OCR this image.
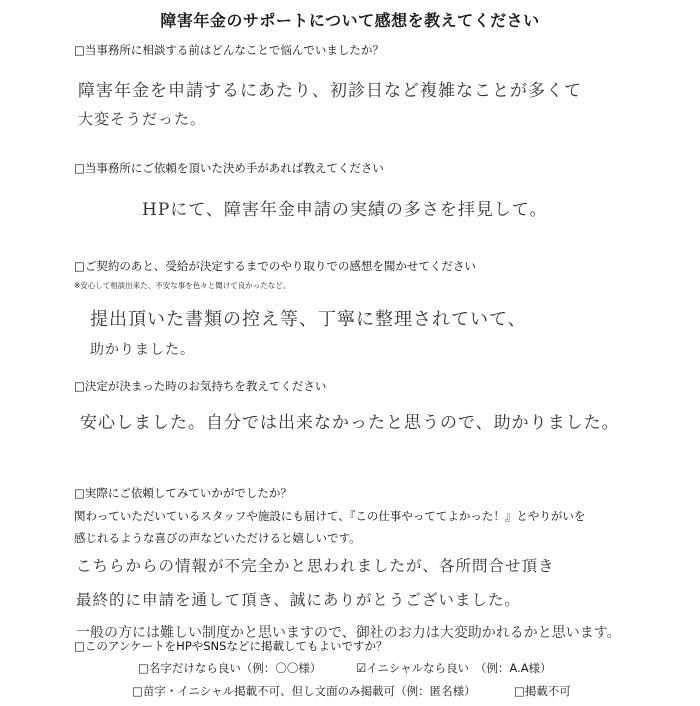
障害年金のサポートについて感想を教えてください
□当事務所に相談する前はどんなことで悩んでいましたか？
障害年金を申請するにあたり、初診日など複雑なことが多くて
大変そうだった。
□当事務所にご依頼を頂いた決め手があれば教えてください
HPにて、障害年金申請の実績の多さを拝見して。
□ご契約のあと、受給が決定するまでのやり取りでの感想を聞かせてください
※安心して相談出来た、不安な事を色々と聞けて良かったなど。
提出頂いた書類の控え等、丁寧に整理されていて、
助かりました。
□決定が決まった時のお気持ちを教えてください
安心しました。自分では出来なかったと思うので、助かりました。
□実際にご依頼してみていかがでしたか？
関わっていただいているスタッフや施設にも届けて、『この仕事やっててよかった！』とやりがいを
感じれるような喜びの声などいただけると嬉しいです。
こちらからの情報が不完全かと思われましたが、各所問合せ頂き
最終的に申請を通して頂き、誠にありがとうございました。
一般の方には難しい制度かと思いますので、御社のお力は大変助かれるかと思います。
□このアンケートをHPやSNSなどに掲載してもよいですか？
□名字だけなら良い（例：〇〇様）	☑イニシャルなら良い　（例：A.A様）
□苗字・イニシャル掲載不可、但し文面のみ掲載可（例：匿名様）	□掲載不可
